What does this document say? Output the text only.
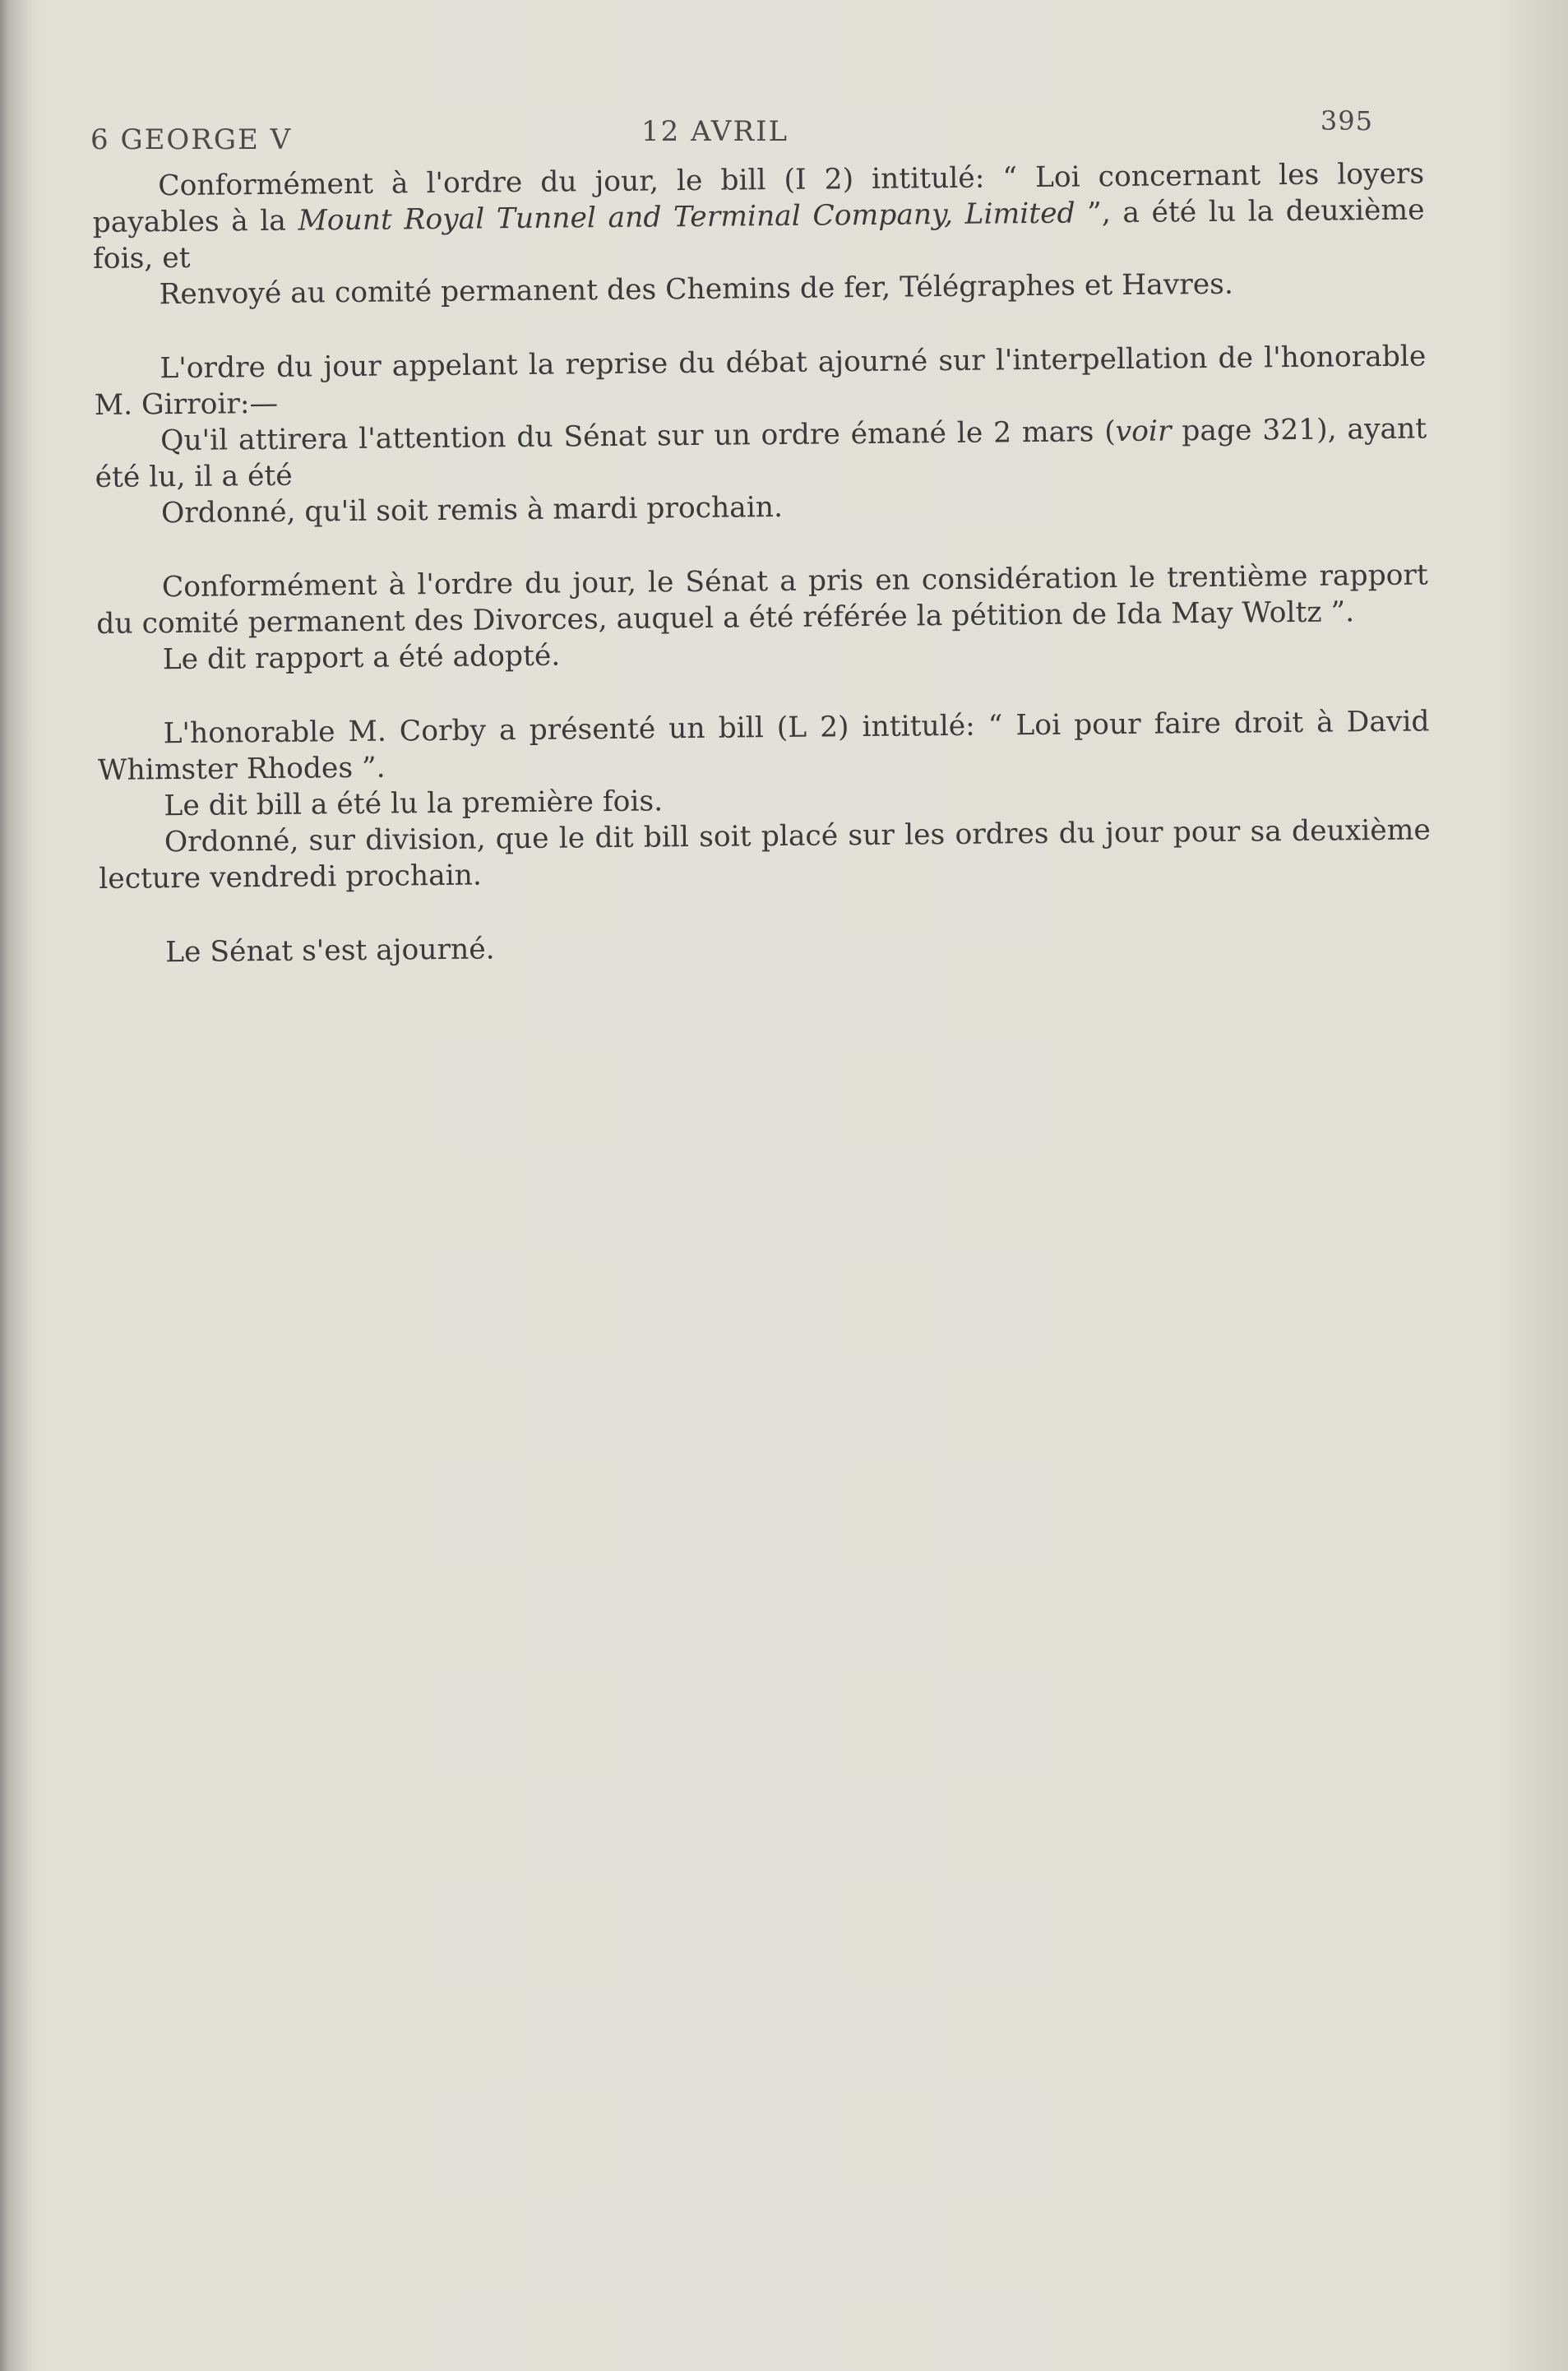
6 GEORGE V	12 AVRIL	395

Conformément à l'ordre du jour, le bill (I 2) intitulé: “ Loi concernant les loyers payables à la Mount Royal Tunnel and Terminal Company, Limited ”, a été lu la deuxième fois, et

Renvoyé au comité permanent des Chemins de fer, Télégraphes et Havres.

L'ordre du jour appelant la reprise du débat ajourné sur l'interpellation de l'honorable M. Girroir:—

Qu'il attirera l'attention du Sénat sur un ordre émané le 2 mars (voir page 321), ayant été lu, il a été

Ordonné, qu'il soit remis à mardi prochain.

Conformément à l'ordre du jour, le Sénat a pris en considération le trentième rapport du comité permanent des Divorces, auquel a été référée la pétition de Ida May Woltz ”.

Le dit rapport a été adopté.

L'honorable M. Corby a présenté un bill (L 2) intitulé: “ Loi pour faire droit à David Whimster Rhodes ”.

Le dit bill a été lu la première fois.

Ordonné, sur division, que le dit bill soit placé sur les ordres du jour pour sa deuxième lecture vendredi prochain.

Le Sénat s'est ajourné.
